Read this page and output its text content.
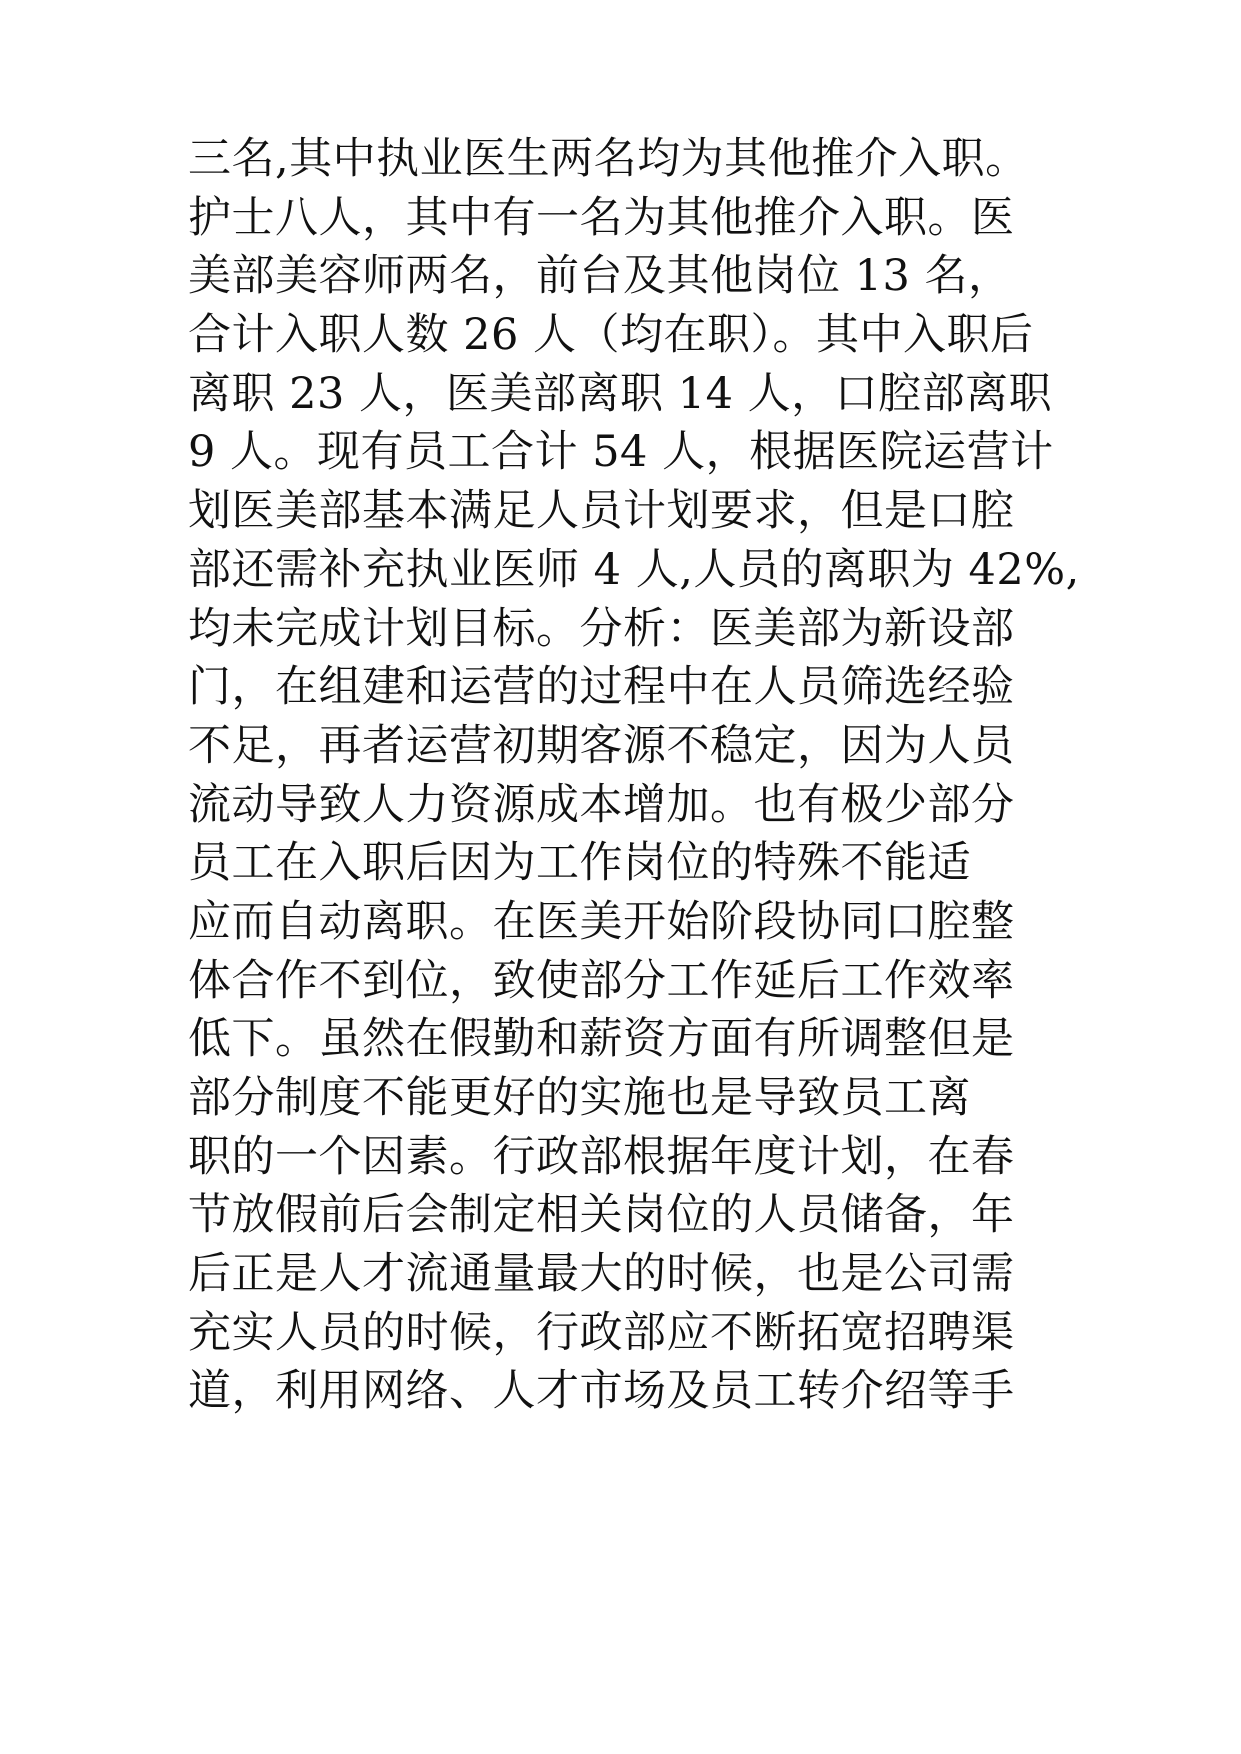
三名,其中执业医生两名均为其他推介入职。
护士八人，其中有一名为其他推介入职。医
美部美容师两名，前台及其他岗位 13 名，
合计入职人数 26 人（均在职）。其中入职后
离职 23 人，医美部离职 14 人，口腔部离职
9 人。现有员工合计 54 人，根据医院运营计
划医美部基本满足人员计划要求，但是口腔
部还需补充执业医师 4 人,人员的离职为 42%,
均未完成计划目标。分析：医美部为新设部
门，在组建和运营的过程中在人员筛选经验
不足，再者运营初期客源不稳定，因为人员
流动导致人力资源成本增加。也有极少部分
员工在入职后因为工作岗位的特殊不能适
应而自动离职。在医美开始阶段协同口腔整
体合作不到位，致使部分工作延后工作效率
低下。虽然在假勤和薪资方面有所调整但是
部分制度不能更好的实施也是导致员工离
职的一个因素。行政部根据年度计划，在春
节放假前后会制定相关岗位的人员储备，年
后正是人才流通量最大的时候，也是公司需
充实人员的时候，行政部应不断拓宽招聘渠
道，利用网络、人才市场及员工转介绍等手
